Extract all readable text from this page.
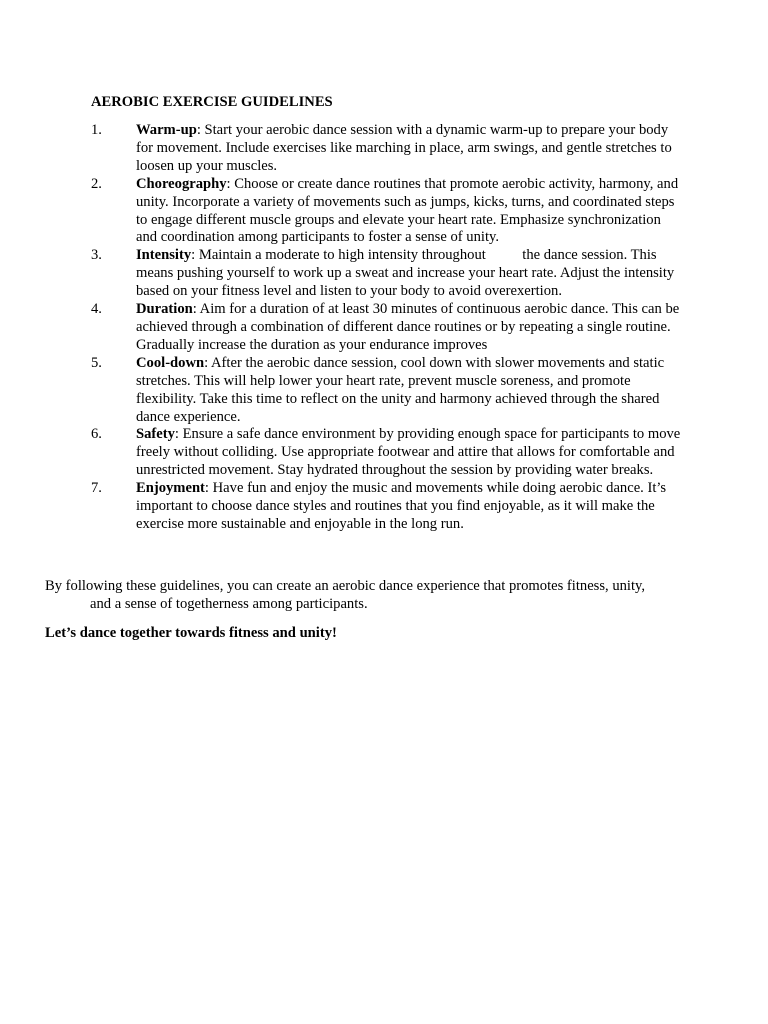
AEROBIC EXERCISE GUIDELINES
1. Warm-up: Start your aerobic dance session with a dynamic warm-up to prepare your body for movement. Include exercises like marching in place, arm swings, and gentle stretches to loosen up your muscles.
2. Choreography: Choose or create dance routines that promote aerobic activity, harmony, and unity. Incorporate a variety of movements such as jumps, kicks, turns, and coordinated steps to engage different muscle groups and elevate your heart rate. Emphasize synchronization and coordination among participants to foster a sense of unity.
3. Intensity: Maintain a moderate to high intensity throughout          the dance session. This means pushing yourself to work up a sweat and increase your heart rate. Adjust the intensity based on your fitness level and listen to your body to avoid overexertion.
4. Duration: Aim for a duration of at least 30 minutes of continuous aerobic dance. This can be achieved through a combination of different dance routines or by repeating a single routine. Gradually increase the duration as your endurance improves
5. Cool-down: After the aerobic dance session, cool down with slower movements and static stretches. This will help lower your heart rate, prevent muscle soreness, and promote flexibility. Take this time to reflect on the unity and harmony achieved through the shared dance experience.
6. Safety: Ensure a safe dance environment by providing enough space for participants to move freely without colliding. Use appropriate footwear and attire that allows for comfortable and unrestricted movement. Stay hydrated throughout the session by providing water breaks.
7. Enjoyment: Have fun and enjoy the music and movements while doing aerobic dance. It’s important to choose dance styles and routines that you find enjoyable, as it will make the exercise more sustainable and enjoyable in the long run.

By following these guidelines, you can create an aerobic dance experience that promotes fitness, unity,
and a sense of togetherness among participants.

Let’s dance together towards fitness and unity!
